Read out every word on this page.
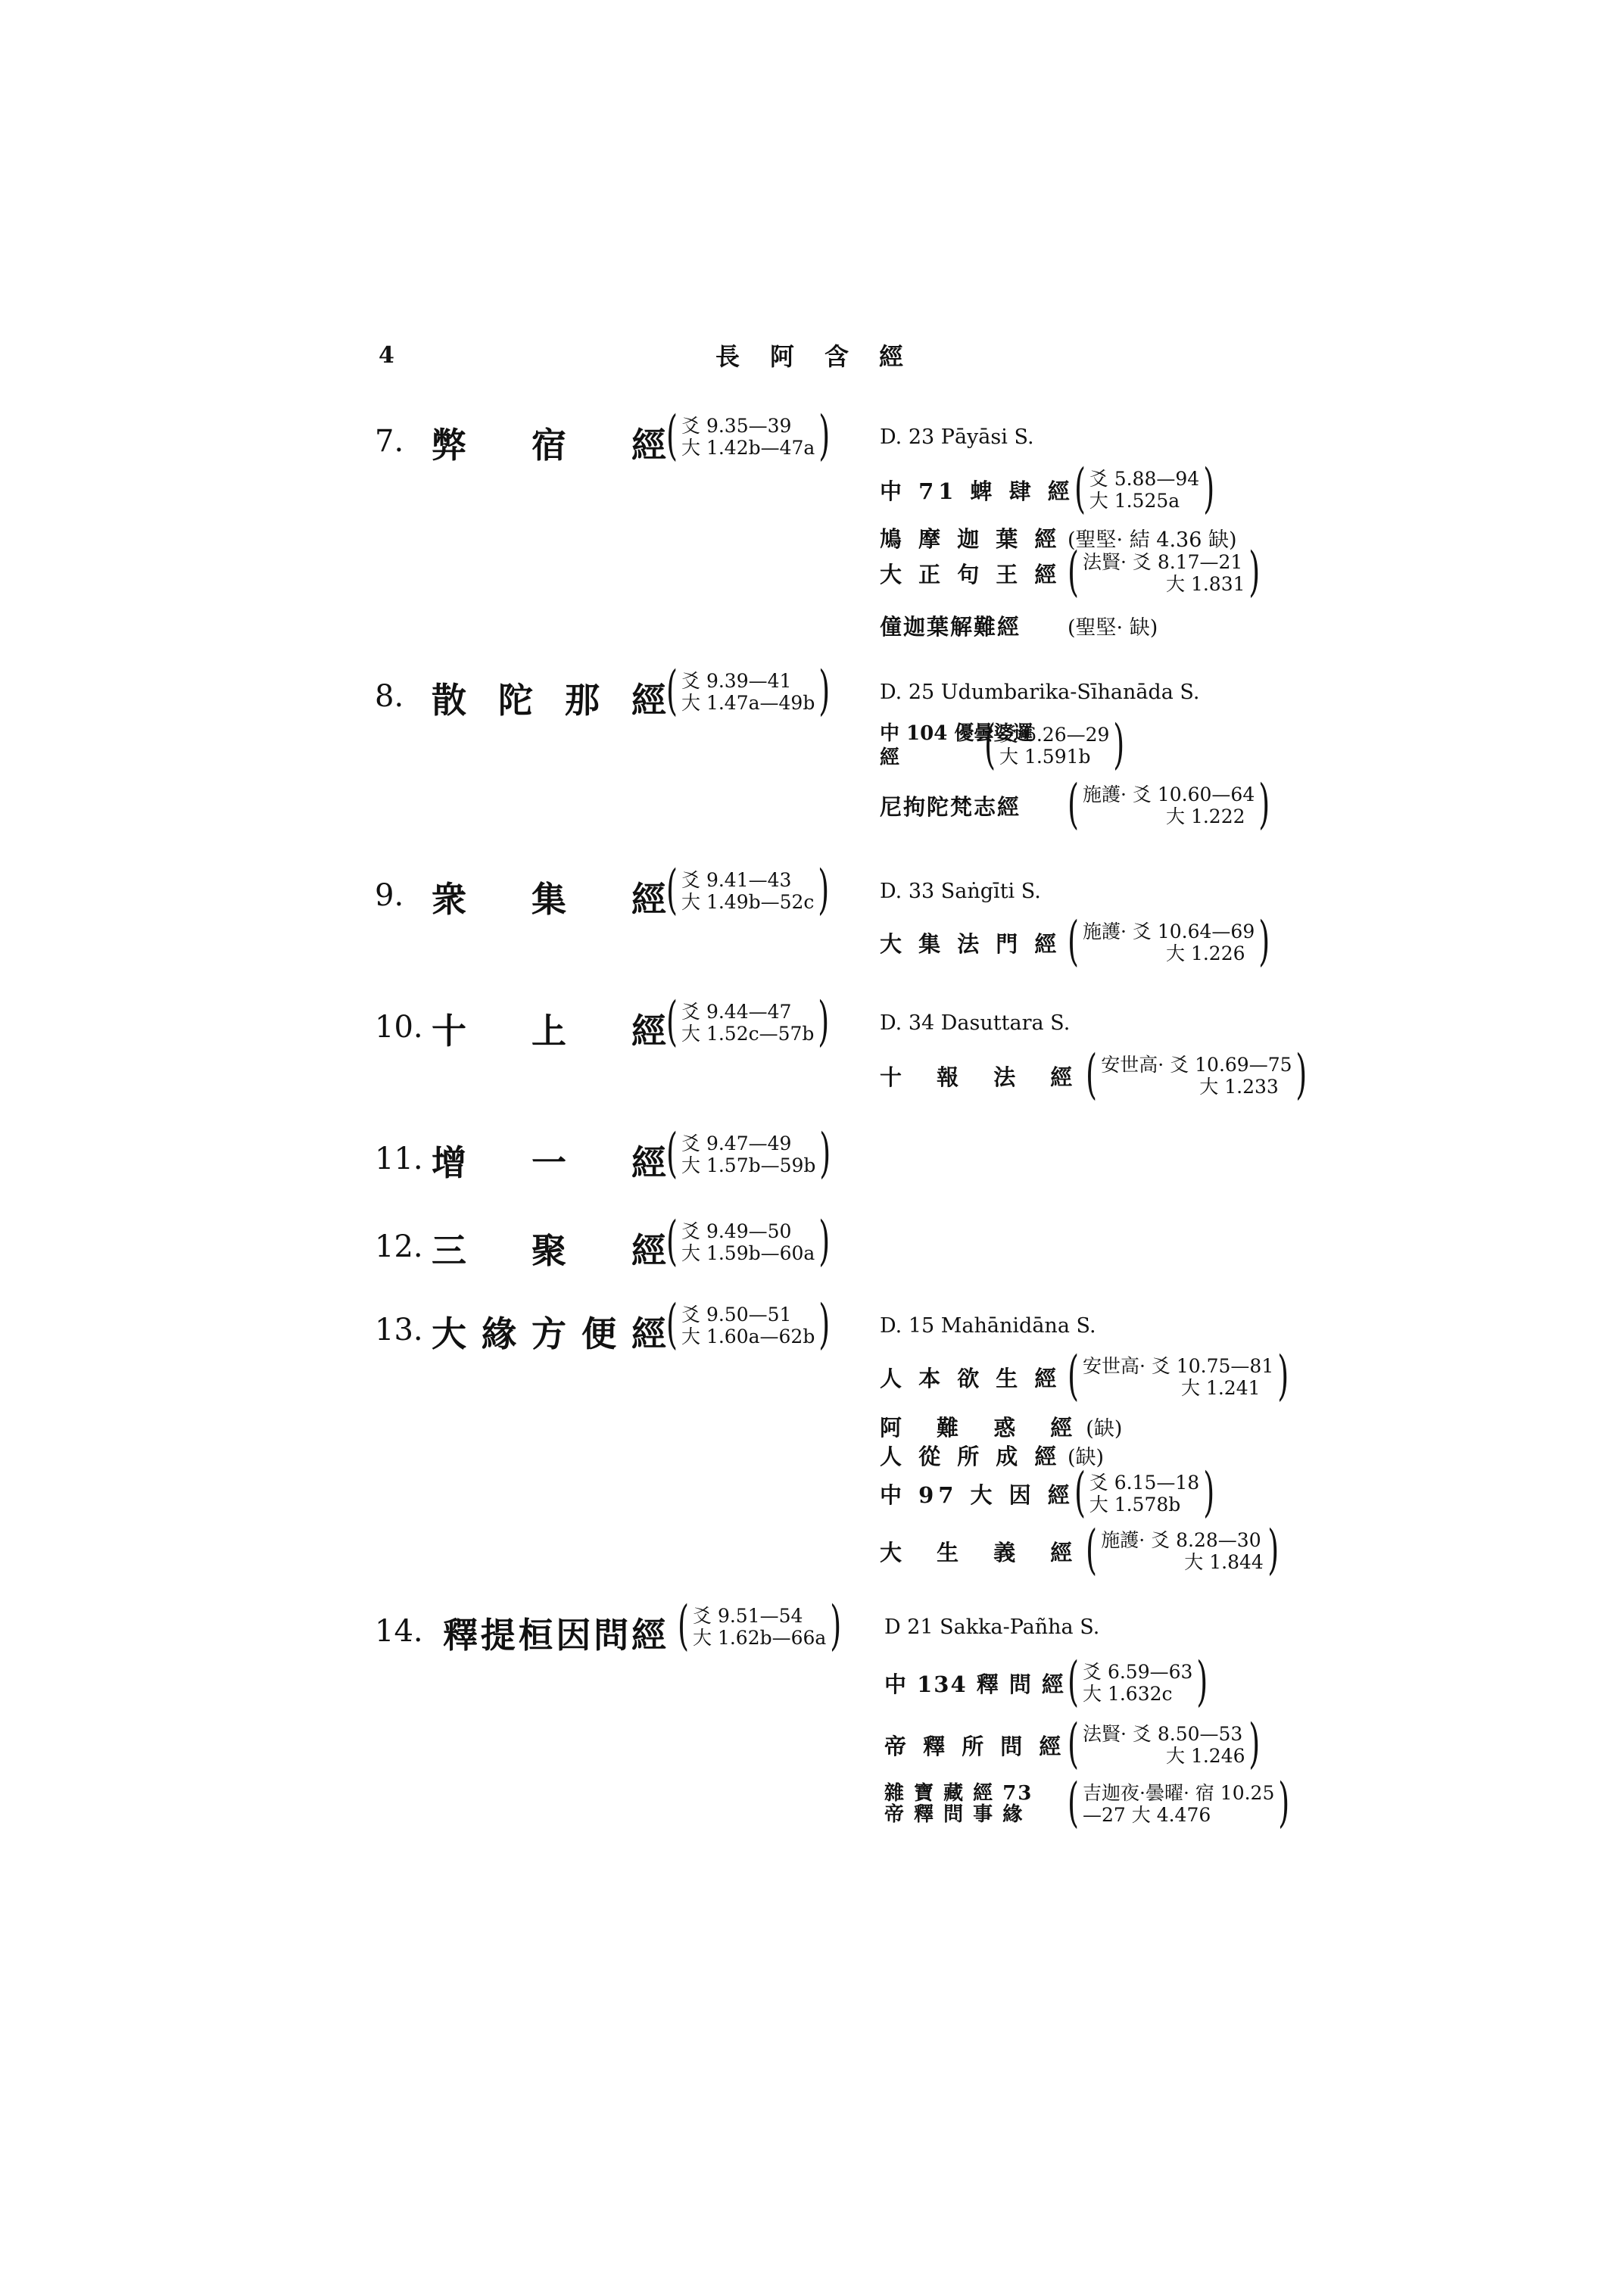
4	長阿含經
7. 弊 宿 經 ( ⽘ 9.35—39
大 1.42b—47a
)	D. 23 Pāyāsi S.
中 71 蜱 肆 經 ( ⽘ 5.88—94
大 1.525a
)
鳩 摩 迦 葉 經 (聖堅· 結 4.36 缺)
大 正 句 王 經	( 法賢· ⽘ 8.17—21
大 1.831
)
僮迦葉解難經	(聖堅· 缺)
8. 散 陀 那 經 ( ⽘ 9.39—41
大 1.47a—49b
)	D. 25 Udumbarika-Sīhanāda S.
中 104 優曇婆邏
經
( ⽘ 6.26—29
大 1.591b
)
尼拘陀梵志經	( 施護· ⽘ 10.60—64
大 1.222
)
9. 衆 集 經 ( ⽘ 9.41—43
大 1.49b—52c
)	D. 33 Saṅgīti S.
大 集 法 門 經	( 施護· ⽘ 10.64—69
大 1.226
)
10. 十 上 經 ( ⽘ 9.44—47
大 1.52c—57b
)	D. 34 Dasuttara S.
十 報 法 經 ( 安世高· ⽘ 10.69—75
大 1.233
)
11. 增 一 經 ( ⽘ 9.47—49
大 1.57b—59b
)
12. 三 聚 經 ( ⽘ 9.49—50
大 1.59b—60a
)
13. 大 緣 方 便 經 ( ⽘ 9.50—51
大 1.60a—62b
)	D. 15 Mahānidāna S.
人 本 欲 生 經	( 安世高· ⽘ 10.75—81
大 1.241
)
阿 難 惑 經 (缺)
人 從 所 成 經 (缺)
中 97 大 因 經 ( ⽘ 6.15—18
大 1.578b
)
大 生 義 經 ( 施護· ⽘ 8.28—30
大 1.844
)
14. 釋 提 桓 因 問 經 ( ⽘ 9.51—54
大 1.62b—66a
)	D 21 Sakka-Pañha S.
中 134 釋 問 經 ( ⽘ 6.59—63
大 1.632c
)
帝 釋 所 問 經 ( 法賢· ⽘ 8.50—53
大 1.246
)
雜 寶 藏 經 73
帝 釋 問 事 緣
( 吉迦夜·曇曜· 宿 10.25
—27 大 4.476
)
